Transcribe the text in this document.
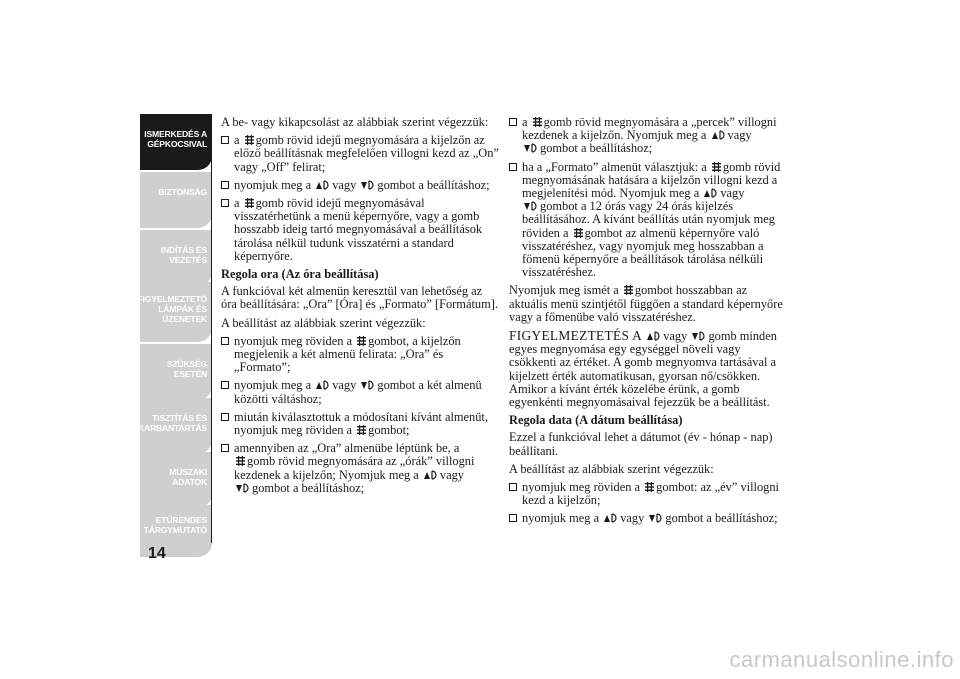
ISMERKEDÉS A
GÉPKOCSIVAL
BIZTONSÁG
INDÍTÁS ÉS
VEZETÉS
FIGYELMEZTETŐ
LÁMPÁK ÉS
ÜZENETEK
SZÜKSÉG ESETÉN
TISZTÍTÁS ÉS
KARBANTARTÁS
MŰSZAKI ADATOK
ETŰRENDES
TÁRGYMUTATÓ
14

A be- vagy kikapcsolást az alábbiak szerint végezzük:

a gomb rövid idejű megnyomására a kijelzőn az előző beállításnak megfelelően villogni kezd az „On” vagy „Off” felirat;
nyomjuk meg a vagy gombot a beállításhoz;
a gomb rövid idejű megnyomásával visszatérhetünk a menü képernyőre, vagy a gomb hosszabb ideig tartó megnyomásával a beállítások tárolása nélkül tudunk visszatérni a standard képernyőre.

Regola ora (Az óra beállítása)

A funkcióval két almenün keresztül van lehetőség az óra beállítására: „Ora” [Óra] és „Formato” [Formátum].

A beállítást az alábbiak szerint végezzük:

nyomjuk meg röviden a gombot, a kijelzőn megjelenik a két almenü felirata: „Ora” és „Formato”;
nyomjuk meg a vagy gombot a két almenü közötti váltáshoz;
miután kiválasztottuk a módosítani kívánt almenüt, nyomjuk meg röviden a gombot;
amennyiben az „Ora” almenübe léptünk be, a
gomb rövid megnyomására az „órák” villogni kezdenek a kijelzőn; Nyomjuk meg a vagy
gombot a beállításhoz;
a gomb rövid megnyomására a „percek” villogni kezdenek a kijelzőn. Nyomjuk meg a vagy
gombot a beállításhoz;
ha a „Formato” almenüt választjuk: a gomb rövid megnyomásának hatására a kijelzőn villogni kezd a megjelenítési mód. Nyomjuk meg a vagy
gombot a 12 órás vagy 24 órás kijelzés beállításához. A kívánt beállítás után nyomjuk meg röviden a gombot az almenü képernyőre való visszatéréshez, vagy nyomjuk meg hosszabban a főmenü képernyőre a beállítások tárolása nélküli visszatéréshez.

Nyomjuk meg ismét a gombot hosszabban az aktuális menü szintjétől függően a standard képernyőre vagy a főmenübe való visszatéréshez.

FIGYELMEZTETÉS A vagy gomb minden egyes megnyomása egy egységgel növeli vagy csökkenti az értéket. A gomb megnyomva tartásával a kijelzett érték automatikusan, gyorsan nő/csökken. Amikor a kívánt érték közelébe érünk, a gomb egyenkénti megnyomásaival fejezzük be a beállítást.

Regola data (A dátum beállítása)

Ezzel a funkcióval lehet a dátumot (év - hónap - nap) beállítani.

A beállítást az alábbiak szerint végezzük:

nyomjuk meg röviden a gombot: az „év” villogni kezd a kijelzőn;
nyomjuk meg a vagy gombot a beállításhoz;
carmanualsonline.info
